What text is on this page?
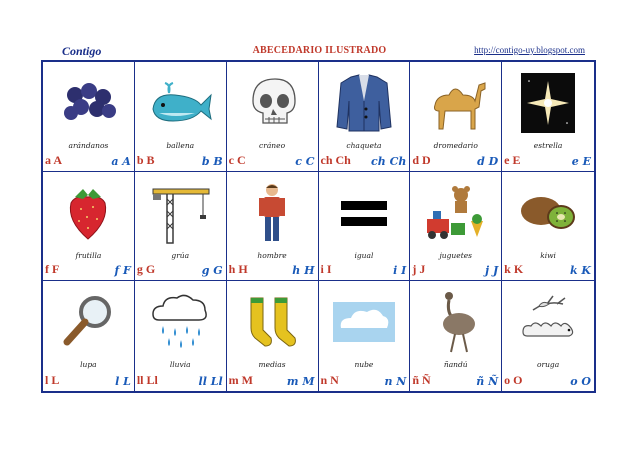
Contigo	ABECEDARIO ILUSTRADO	http://contigo-uy.blogspot.com
arándanos
a A	a A
ballena
b B	b B
cráneo
c C	c C
chaqueta
ch Ch ch Ch
dromedario
d D	d D
estrella
e E	e E
frutilla
f F	f F
grúa
g G	g G
hombre
h H	h H
igual
i I	i I
juguetes
j J	j J
kiwi
k K	k K
lupa
l L	l L
lluvia
ll Ll	ll Ll
medias
m M	m M
nube
n N	n N
ñandú
ñ Ñ	ñ Ñ
oruga
o O	o O
